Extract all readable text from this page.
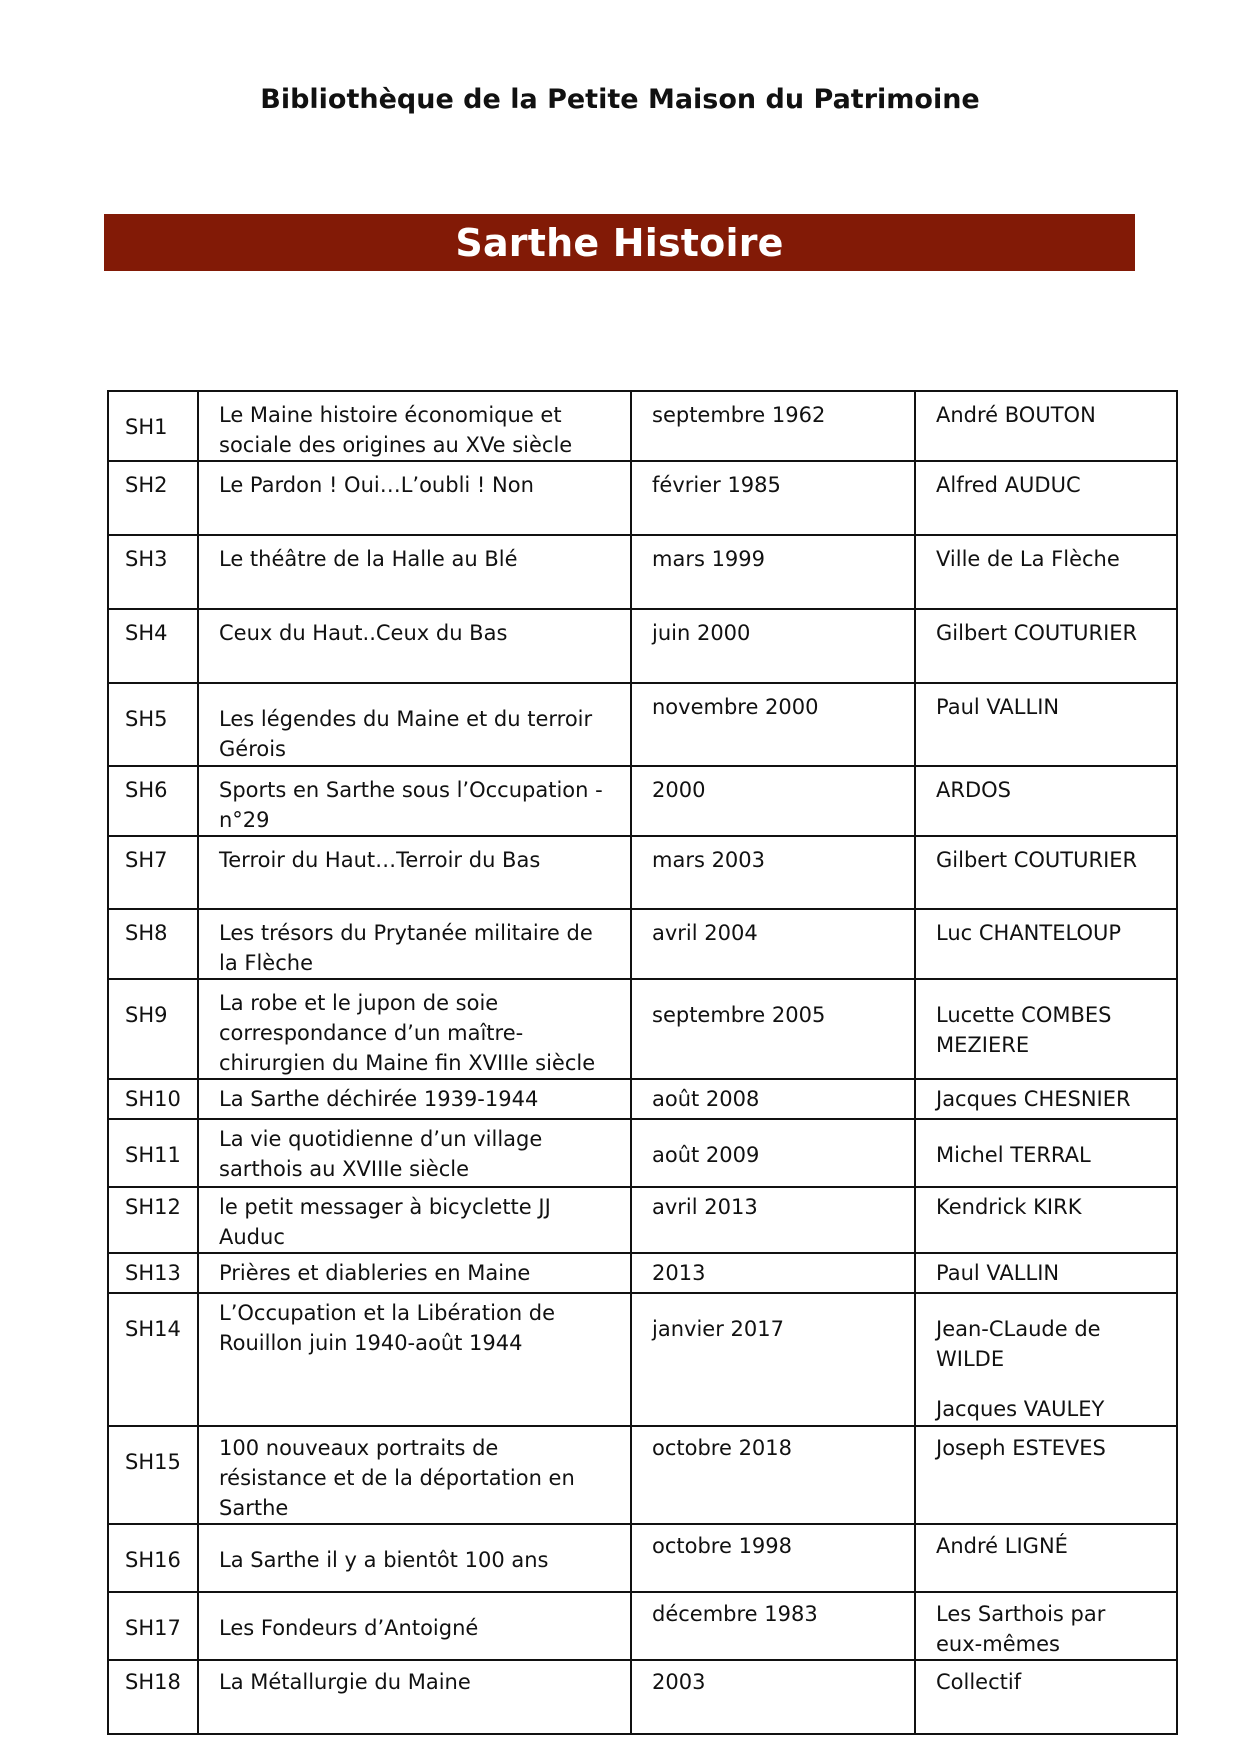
Bibliothèque de la Petite Maison du Patrimoine
Sarthe Histoire
SH1	Le Maine histoire économique et sociale des origines au XVe siècle	septembre 1962	André BOUTON
SH2	Le Pardon ! Oui…L’oubli ! Non	février 1985	Alfred AUDUC
SH3	Le théâtre de la Halle au Blé	mars 1999	Ville de La Flèche
SH4	Ceux du Haut..Ceux du Bas	juin 2000	Gilbert COUTURIER
SH5	Les légendes du Maine et du terroir Gérois	novembre 2000	Paul VALLIN
SH6	Sports en Sarthe sous l’Occupation - n°29	2000	ARDOS
SH7	Terroir du Haut…Terroir du Bas	mars 2003	Gilbert COUTURIER
SH8	Les trésors du Prytanée militaire de la Flèche	avril 2004	Luc CHANTELOUP
SH9	La robe et le jupon de soie correspondance d’un maître-chirurgien du Maine fin XVIIIe siècle	septembre 2005	Lucette COMBES MEZIERE
SH10	La Sarthe déchirée 1939-1944	août 2008	Jacques CHESNIER
SH11	La vie quotidienne d’un village sarthois au XVIIIe siècle	août 2009	Michel TERRAL
SH12	le petit messager à bicyclette JJ Auduc	avril 2013	Kendrick KIRK
SH13	Prières et diableries en Maine	2013	Paul VALLIN
SH14	L’Occupation et la Libération de Rouillon juin 1940-août 1944	janvier 2017	Jean-CLaude de WILDE
Jacques VAULEY

SH15	100 nouveaux portraits de résistance et de la déportation en Sarthe	octobre 2018	Joseph ESTEVES
SH16	La Sarthe il y a bientôt 100 ans	octobre 1998	André LIGNÉ
SH17	Les Fondeurs d’Antoigné	décembre 1983	Les Sarthois par eux-mêmes
SH18	La Métallurgie du Maine	2003	Collectif
